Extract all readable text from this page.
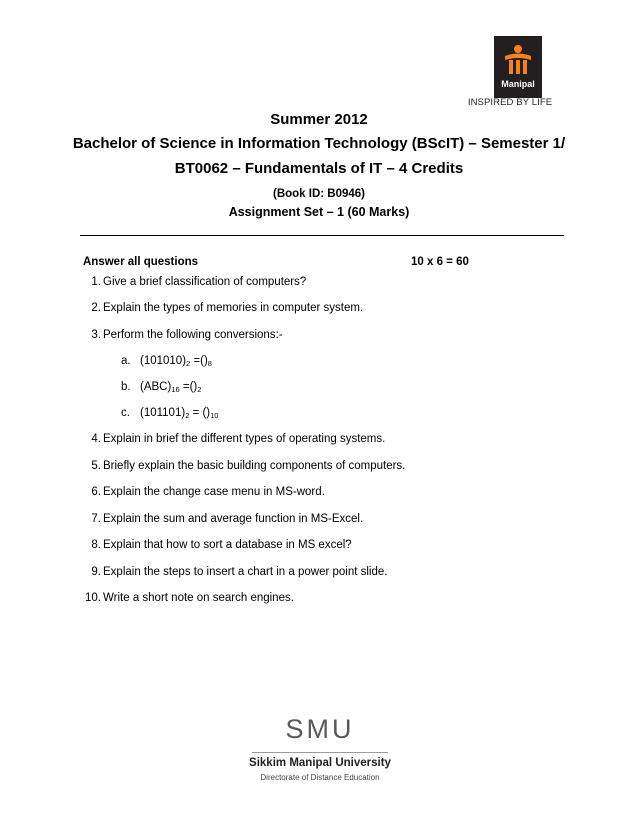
Manipal
INSPIRED BY LIFE
Summer 2012
Bachelor of Science in Information Technology (BScIT) – Semester 1/
BT0062 – Fundamentals of IT – 4 Credits
(Book ID: B0946)
Assignment Set – 1 (60 Marks)
Answer all questions	10 x 6 = 60
1. Give a brief classification of computers?
2. Explain the types of memories in computer system.
3. Perform the following conversions:-
a. $(101010)_2 =()_8$
b. $(ABC)_{16} =()_2$
c. $(101101)_2 = ()_{10}$
4. Explain in brief the different types of operating systems.
5. Briefly explain the basic building components of computers.
6. Explain the change case menu in MS-word.
7. Explain the sum and average function in MS-Excel.
8. Explain that how to sort a database in MS excel?
9. Explain the steps to insert a chart in a power point slide.
10. Write a short note on search engines.
SMU
Sikkim Manipal University
Directorate of Distance Education
